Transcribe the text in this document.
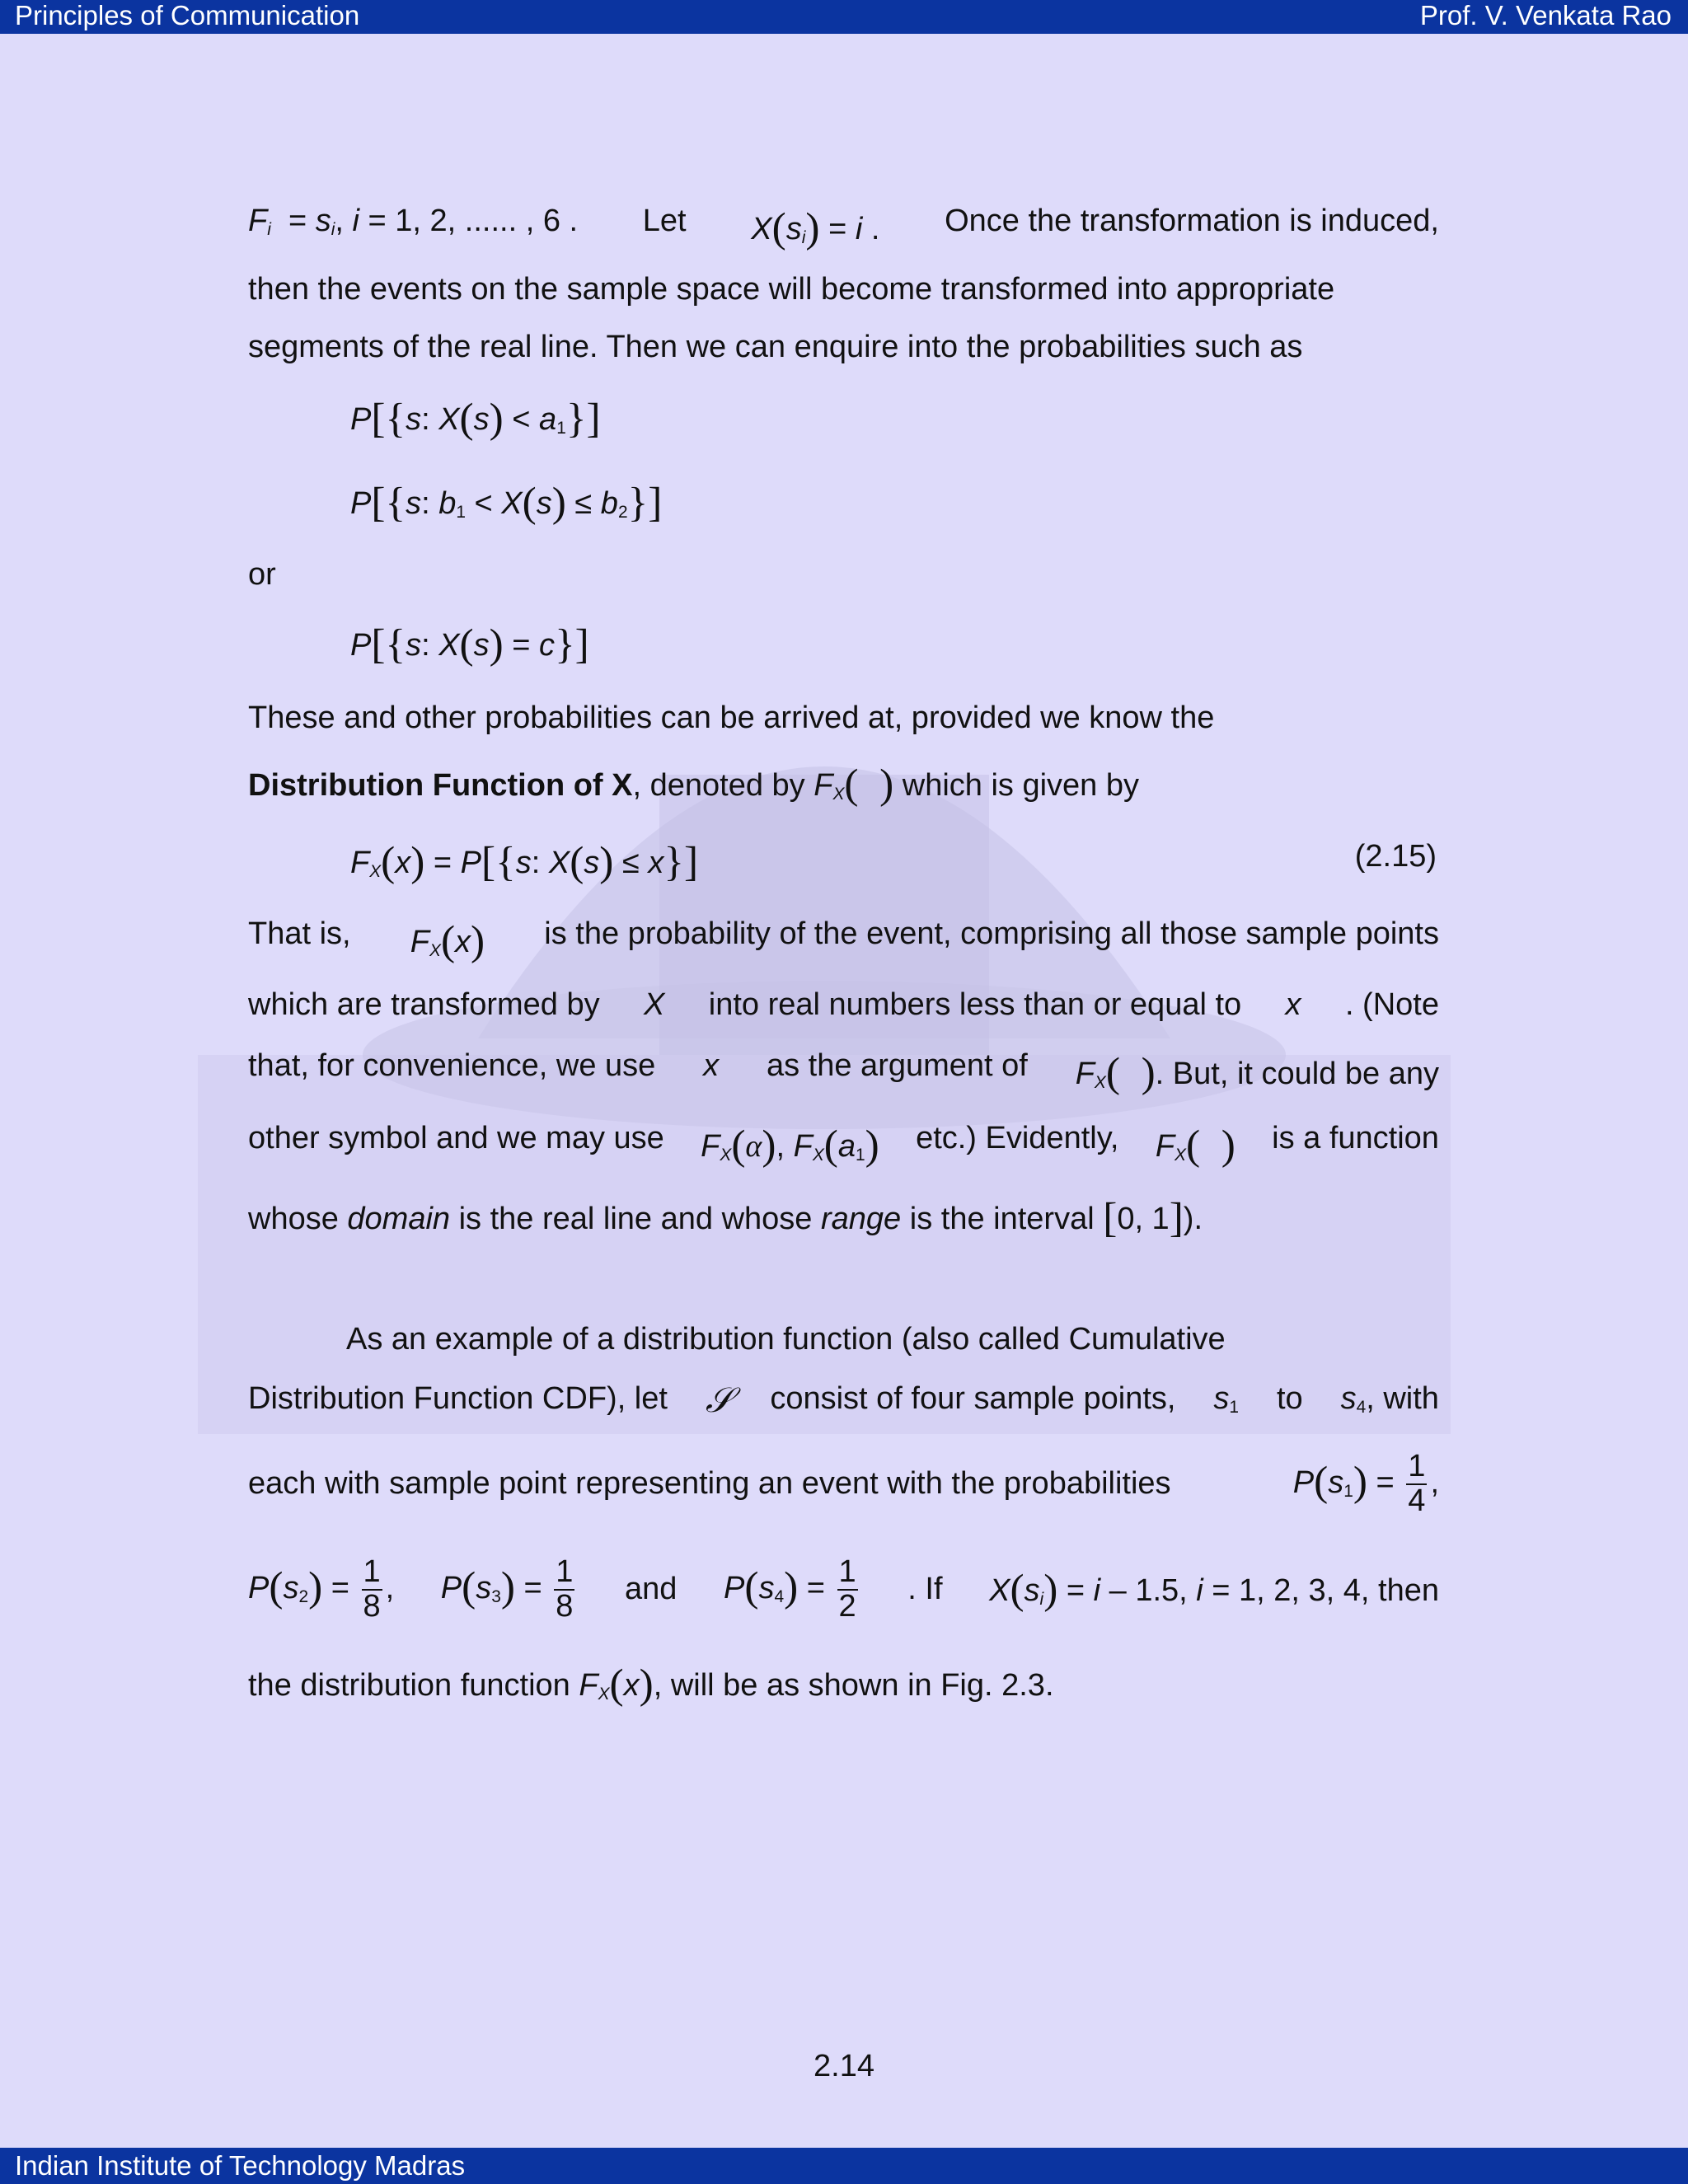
Principles of Communication	Prof. V. Venkata Rao
$F_i = s_i$, i = 1, 2, ...... , 6 . Let $X(s_i) = i$ . Once the transformation is induced,
then the events on the sample space will become transformed into appropriate
segments of the real line. Then we can enquire into the probabilities such as
P[{s: $X(s) < a_1$}]
P[{s: $b_1 < X(s) \le b_2$}]
or
P[{s: X(s) = c}]
These and other probabilities can be arrived at, provided we know the
Distribution Function of X, denoted by $F_X$(  ) which is given by
$F_X(x) = P[\{s$: X(s) ≤ x}]	(2.15)
That is, $F_X(x)$ is the probability of the event, comprising all those sample points
which are transformed by X into real numbers less than or equal to x . (Note
that, for convenience, we use x as the argument of $F_X$(  ). But, it could be any
other symbol and we may use $F_X(\alpha)$, $F_X(a_1)$ etc.) Evidently, $F_X$(  ) is a function
whose domain is the real line and whose range is the interval [0, 1]).
As an example of a distribution function (also called Cumulative
Distribution Function CDF), let 𝒮 consist of four sample points, $s_1$ to $s_4$, with
each with sample point representing an event with the probabilities	$P(s_1) = \frac{1}{4}$ ,
$P(s_2) = \frac{1}{8}$ , $P(s_3) = \frac{1}{8}$ and $P(s_4) = \frac{1}{2}$ . If $X(s_i) = i - 1.5$, i = 1, 2, 3, 4, then
the distribution function $F_X(x)$, will be as shown in Fig. 2.3.
2.14
Indian Institute of Technology Madras
